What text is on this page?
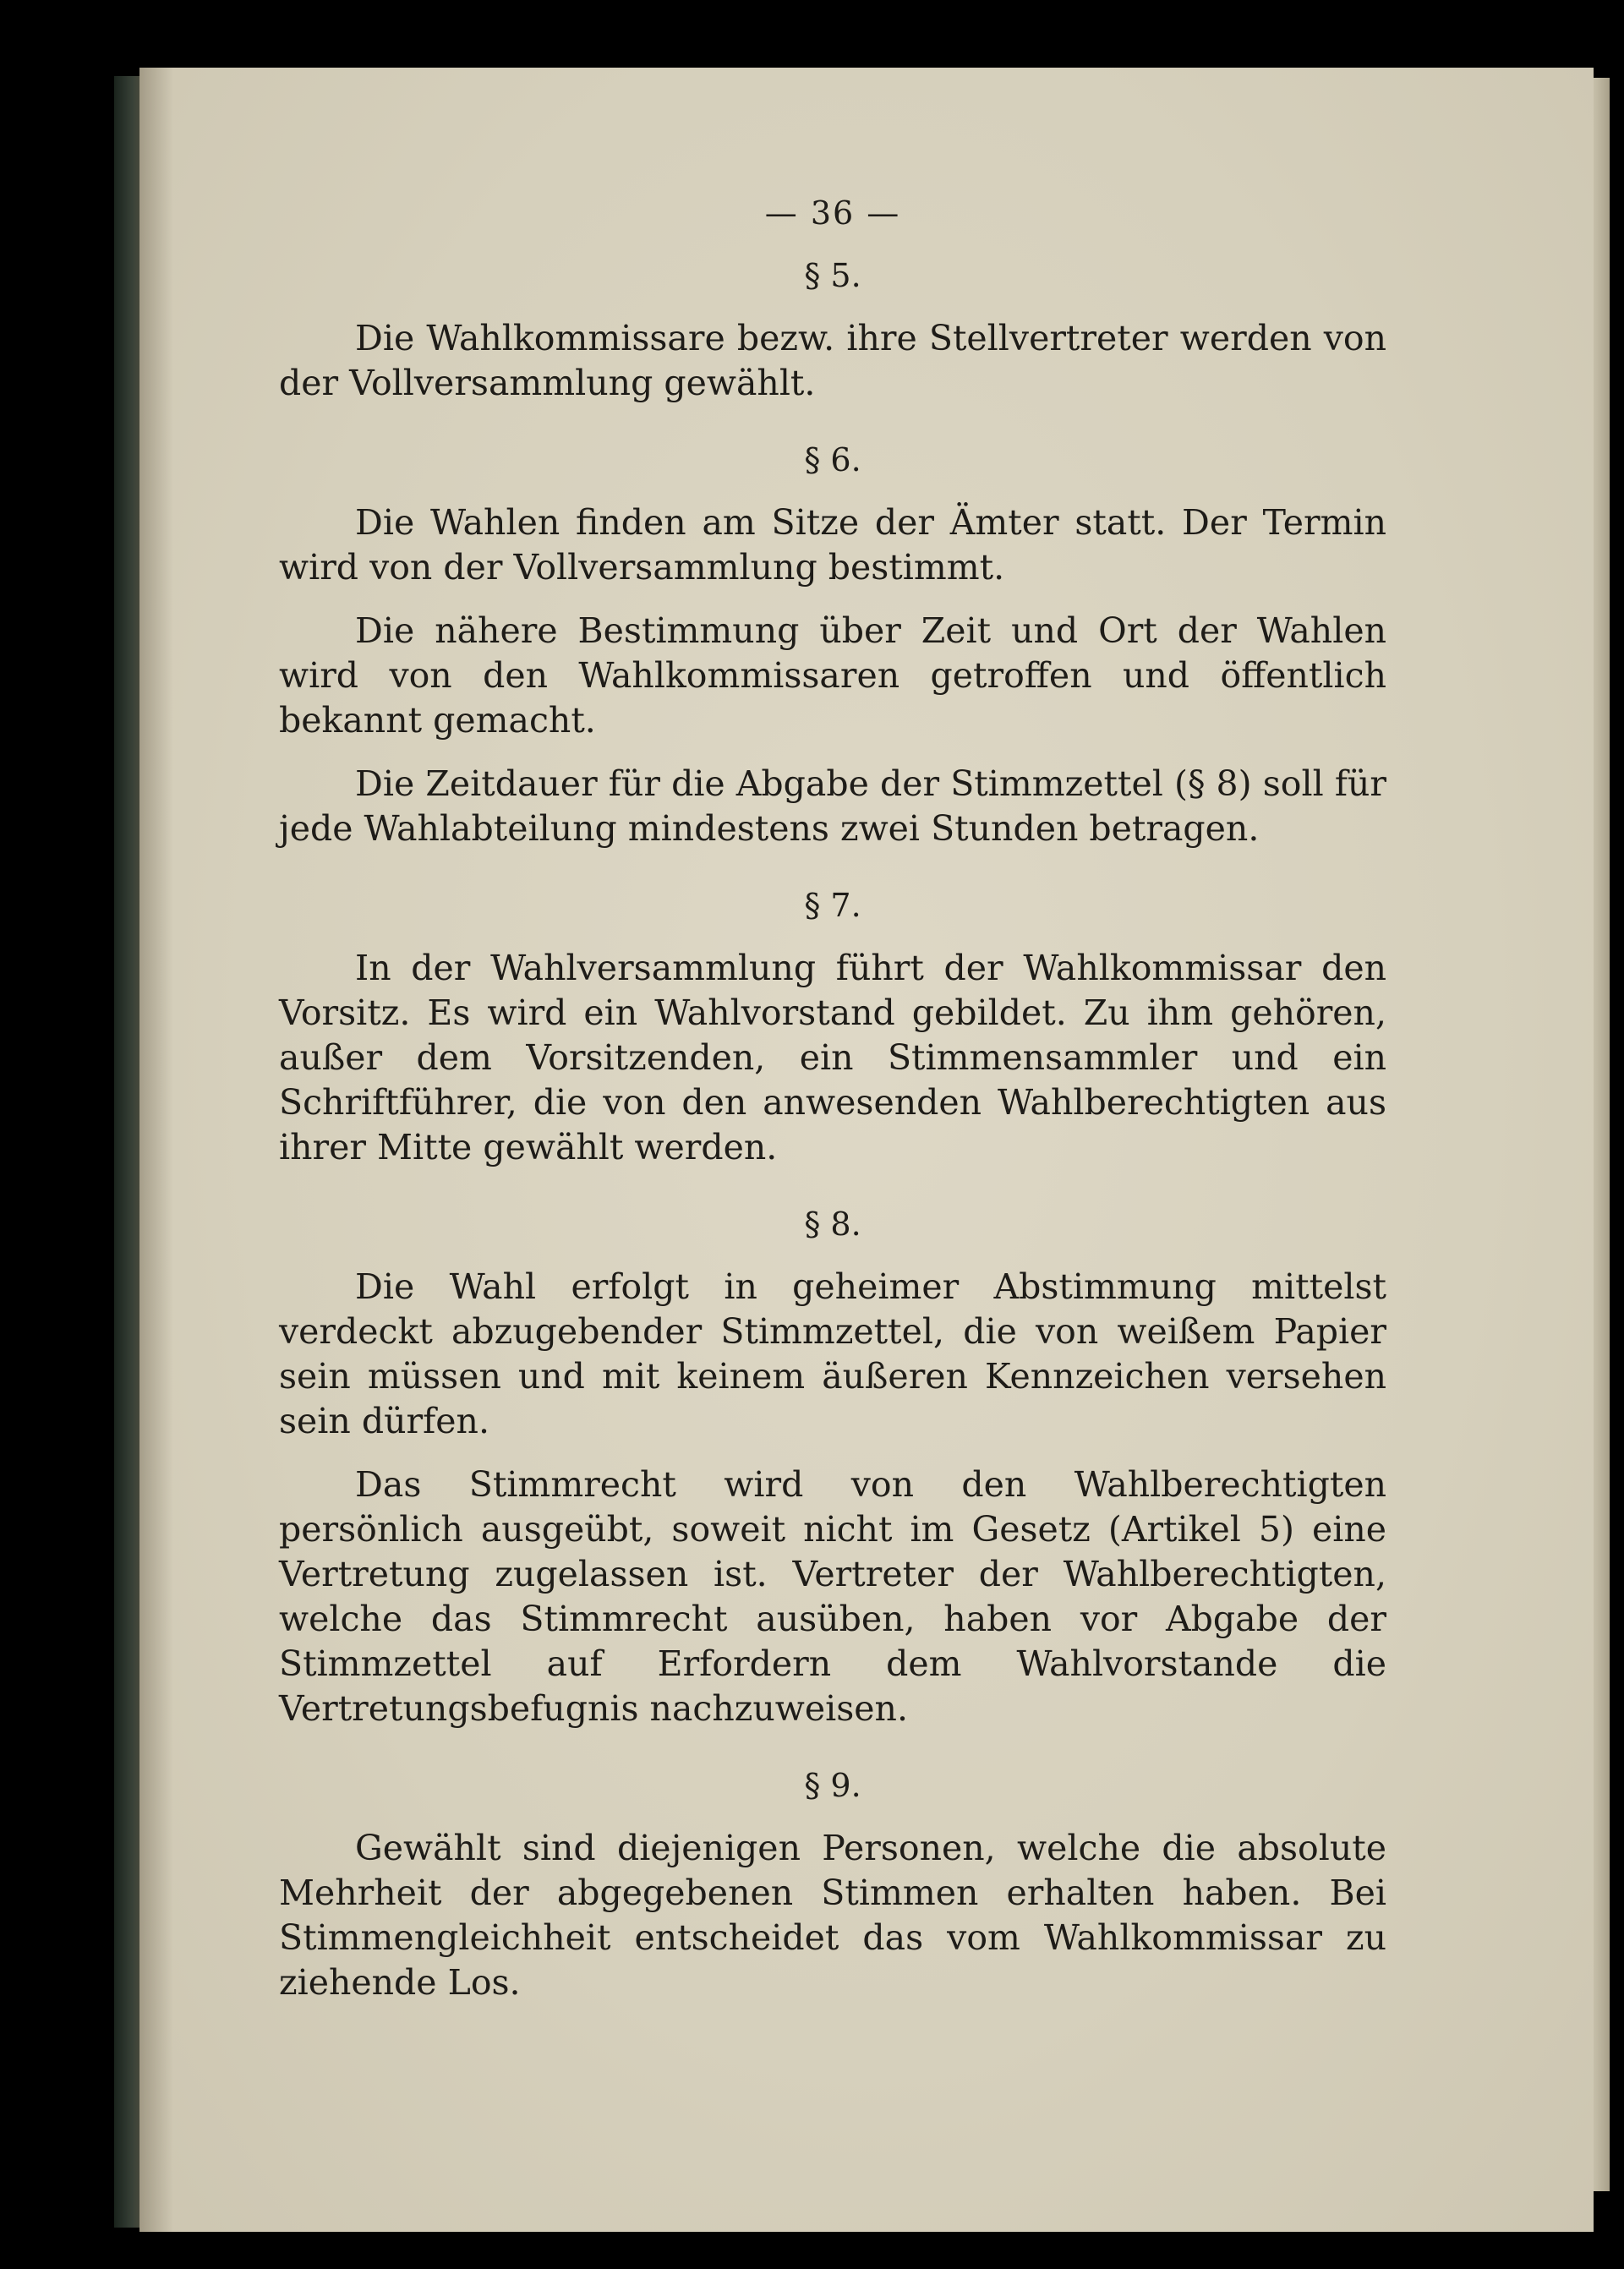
— 36 —
§ 5.

Die Wahlkommissare bezw. ihre Stellvertreter werden von der Vollversammlung gewählt.

§ 6.

Die Wahlen finden am Sitze der Ämter statt. Der Termin wird von der Vollversammlung bestimmt.

Die nähere Bestimmung über Zeit und Ort der Wahlen wird von den Wahlkommissaren getroffen und öffentlich bekannt gemacht.

Die Zeitdauer für die Abgabe der Stimmzettel (§ 8) soll für jede Wahlabteilung mindestens zwei Stunden betragen.

§ 7.

In der Wahlversammlung führt der Wahlkommissar den Vorsitz. Es wird ein Wahlvorstand gebildet. Zu ihm gehören, außer dem Vorsitzenden, ein Stimmensammler und ein Schriftführer, die von den anwesenden Wahlberechtigten aus ihrer Mitte gewählt werden.

§ 8.

Die Wahl erfolgt in geheimer Abstimmung mittelst verdeckt abzugebender Stimmzettel, die von weißem Papier sein müssen und mit keinem äußeren Kennzeichen versehen sein dürfen.

Das Stimmrecht wird von den Wahlberechtigten persönlich ausgeübt, soweit nicht im Gesetz (Artikel 5) eine Vertretung zugelassen ist. Vertreter der Wahlberechtigten, welche das Stimmrecht ausüben, haben vor Abgabe der Stimmzettel auf Erfordern dem Wahlvorstande die Vertretungsbefugnis nachzuweisen.

§ 9.

Gewählt sind diejenigen Personen, welche die absolute Mehrheit der abgegebenen Stimmen erhalten haben. Bei Stimmengleichheit entscheidet das vom Wahlkommissar zu ziehende Los.
